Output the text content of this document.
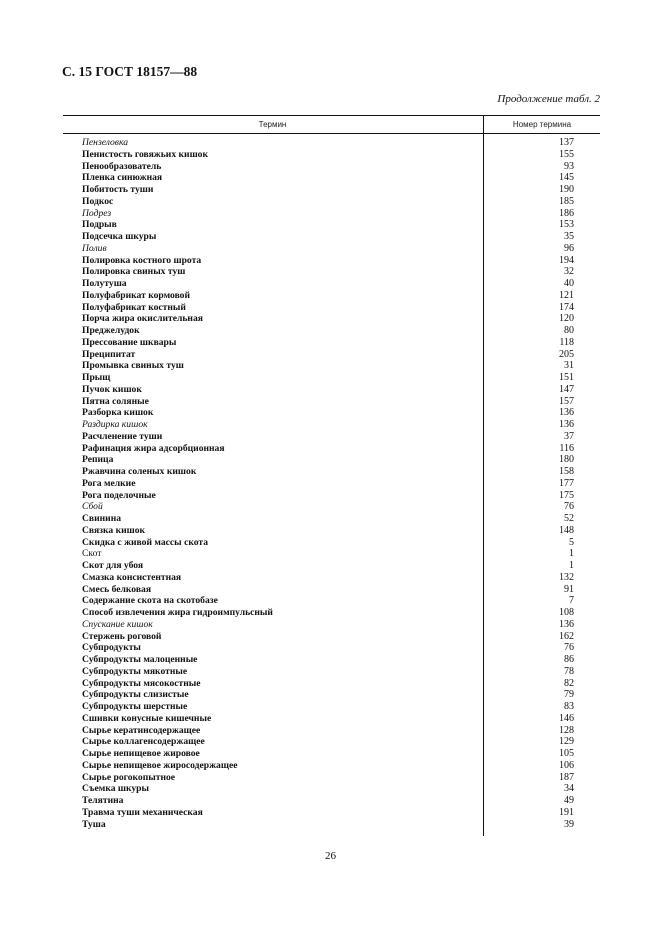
С. 15 ГОСТ 18157—88
Продолжение табл. 2
Термин	Номер термина
Пензеловка	137
Пенистость говяжьих кишок	155
Пенообразователь	93
Пленка синюжная	145
Побитость туши	190
Подкос	185
Подрез	186
Подрыв	153
Подсечка шкуры	35
Полив	96
Полировка костного шрота	194
Полировка свиных туш	32
Полутуша	40
Полуфабрикат кормовой	121
Полуфабрикат костный	174
Порча жира окислительная	120
Преджелудок	80
Прессование шквары	118
Преципитат	205
Промывка свиных туш	31
Прыщ	151
Пучок кишок	147
Пятна соляные	157
Разборка кишок	136
Раздирка кишок	136
Расчленение туши	37
Рафинация жира адсорбционная	116
Репица	180
Ржавчина соленых кишок	158
Рога мелкие	177
Рога поделочные	175
Сбой	76
Свинина	52
Связка кишок	148
Скидка с живой массы скота	5
Скот	1
Скот для убоя	1
Смазка консистентная	132
Смесь белковая	91
Содержание скота на скотобазе	7
Способ извлечения жира гидроимпульсный	108
Спускание кишок	136
Стержень роговой	162
Субпродукты	76
Субпродукты малоценные	86
Субпродукты мякотные	78
Субпродукты мясокостные	82
Субпродукты слизистые	79
Субпродукты шерстные	83
Сшивки конусные кишечные	146
Сырье кератинсодержащее	128
Сырье коллагенсодержащее	129
Сырье непищевое жировое	105
Сырье непищевое жиросодержащее	106
Сырье рогокопытное	187
Съемка шкуры	34
Телятина	49
Травма туши механическая	191
Туша	39
26
